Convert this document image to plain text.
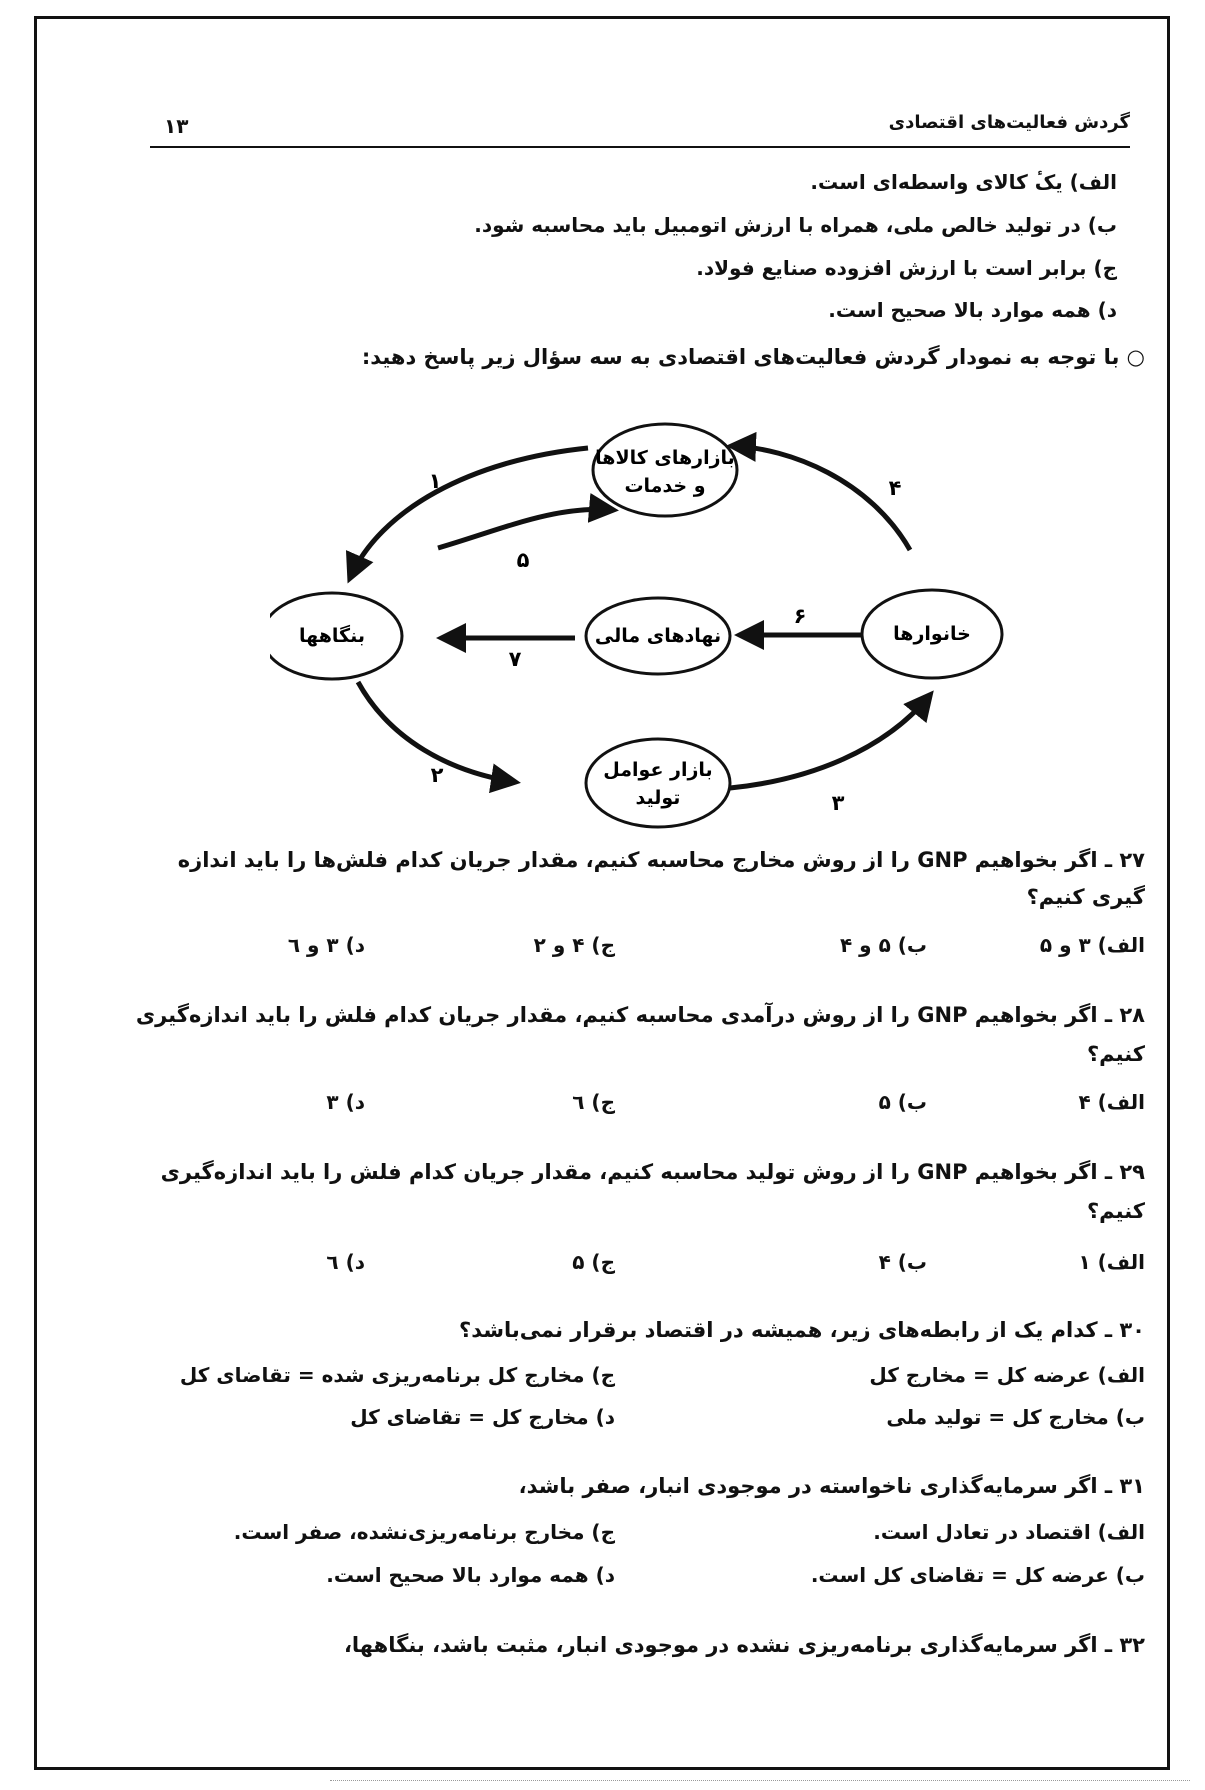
گردش فعالیت‌های اقتصادی
۱۳
الف) یکٔ کالای واسطه‌ای است.
ب) در تولید خالص ملی، همراه با ارزش اتومبیل باید محاسبه شود.
ج) برابر است با ارزش افزوده صنایع فولاد.
د) همه موارد بالا صحیح است.
○ با توجه به نمودار گردش فعالیت‌های اقتصادی به سه سؤال زیر پاسخ دهید:
بازارهای کالاها
و خدمات
بنگاهها	نهادهای مالی	خانوارها
بازار عوامل
تولید
۱	۴
۵
۶
۷
۲
۳
۲۷ ـ اگر بخواهیم GNP را از روش مخارج محاسبه کنیم، مقدار جریان کدام فلش‌ها را باید اندازه
گیری کنیم؟
الف) ۳ و ۵
ب) ۵ و ۴
ج) ۴ و ۲
د) ۳ و ٦
۲۸ ـ اگر بخواهیم GNP را از روش درآمدی محاسبه کنیم، مقدار جریان کدام فلش را باید اندازه‌گیری
کنیم؟
الف) ۴
ب) ۵
ج) ٦
د) ۳
۲۹ ـ اگر بخواهیم GNP را از روش تولید محاسبه کنیم، مقدار جریان کدام فلش را باید اندازه‌گیری
کنیم؟
الف) ۱
ب) ۴
ج) ۵
د) ٦
۳۰ ـ کدام یک از رابطه‌های زیر، همیشه در اقتصاد برقرار نمی‌باشد؟
الف) عرضه کل = مخارج کل
ج) مخارج کل برنامه‌ریزی شده = تقاضای کل
ب) مخارج کل = تولید ملی
د) مخارج کل = تقاضای کل
۳۱ ـ اگر سرمایه‌گذاری ناخواسته در موجودی انبار، صفر باشد،
الف) اقتصاد در تعادل است.
ج) مخارج برنامه‌ریزی‌نشده، صفر است.
ب) عرضه کل = تقاضای کل است.
د) همه موارد بالا صحیح است.
۳۲ ـ اگر سرمایه‌گذاری برنامه‌ریزی نشده در موجودی انبار، مثبت باشد، بنگاهها،
